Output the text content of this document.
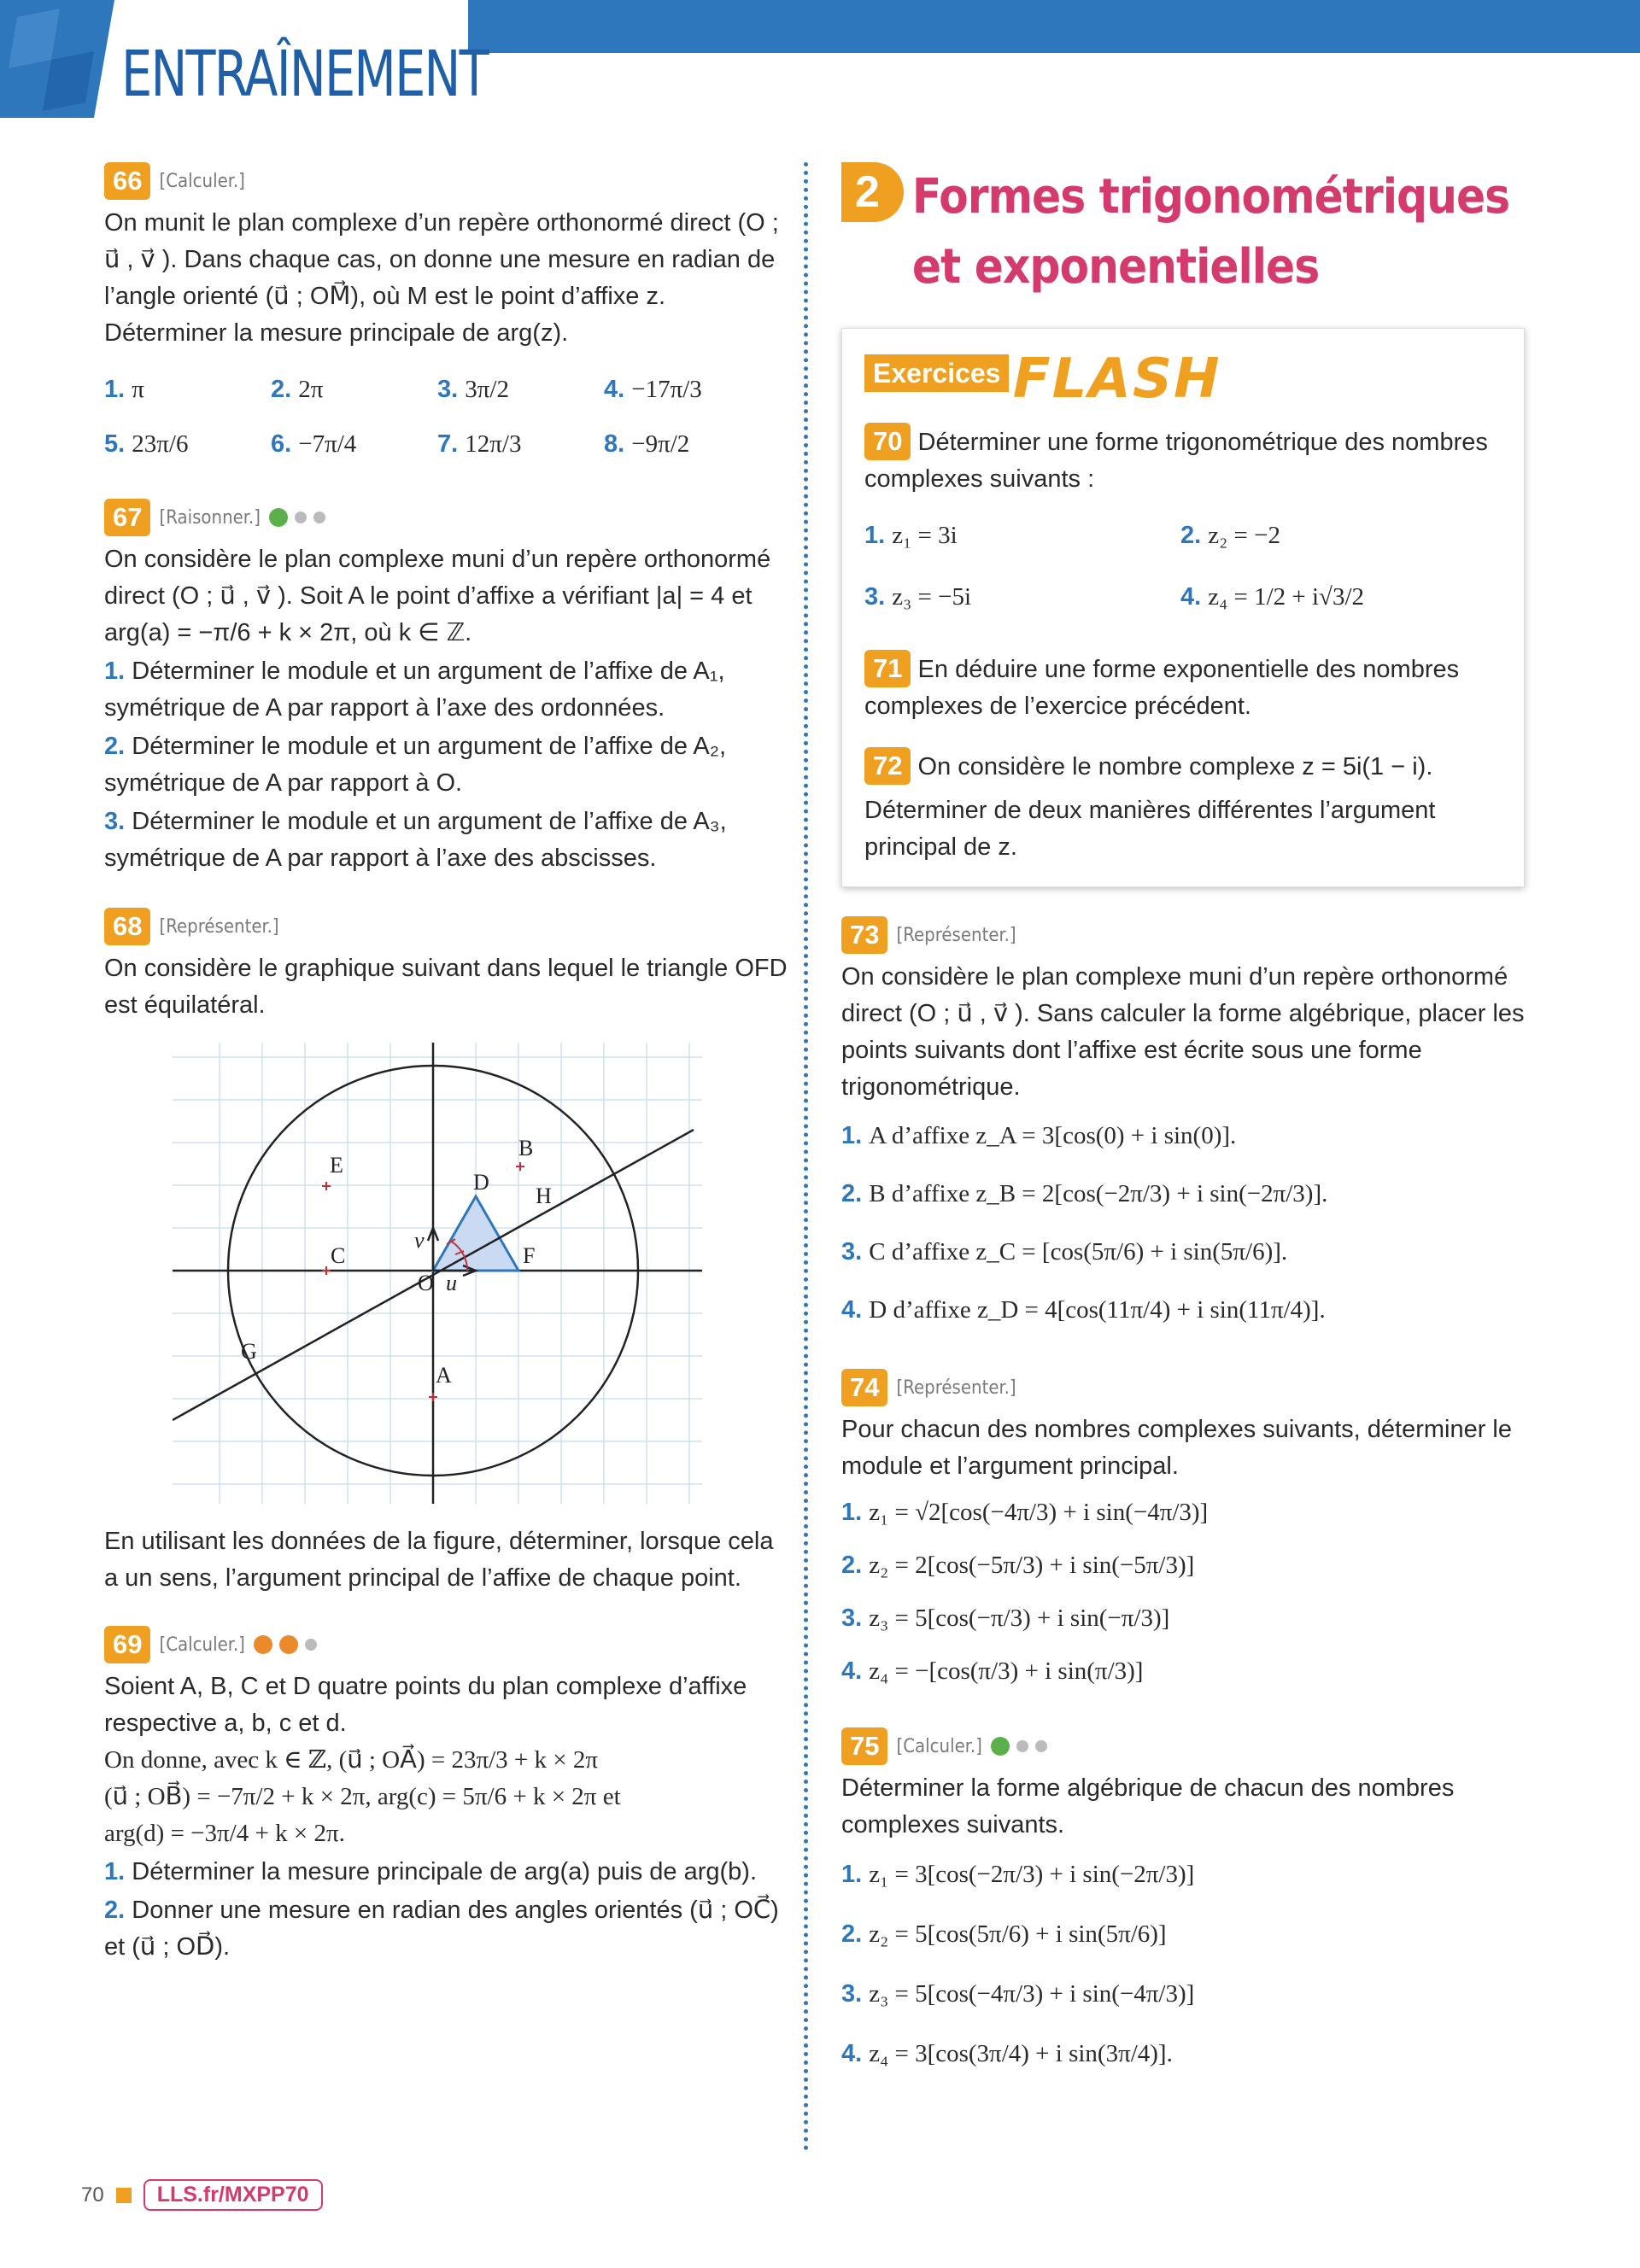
ENTRAÎNEMENT
66 [Calculer.]

On munit le plan complexe d’un repère orthonormé direct (O ; u⃗ , v⃗ ). Dans chaque cas, on donne une mesure en radian de l’angle orienté (u⃗ ; OM⃗), où M est le point d’affixe z. Déterminer la mesure principale de arg(z).

1. π	2. 2π	3. 3π/2	4. −17π/3
5. 23π/6	6. −7π/4	7. 12π/3	8. −9π/2
67 [Raisonner.]

On considère le plan complexe muni d’un repère orthonormé direct (O ; u⃗ , v⃗ ). Soit A le point d’affixe a vérifiant |a| = 4 et arg(a) = −π/6 + k × 2π, où k ∈ ℤ.

1. Déterminer le module et un argument de l’affixe de A₁, symétrique de A par rapport à l’axe des ordonnées.
2. Déterminer le module et un argument de l’affixe de A₂, symétrique de A par rapport à O.
3. Déterminer le module et un argument de l’affixe de A₃, symétrique de A par rapport à l’axe des abscisses.
68 [Représenter.]

On considère le graphique suivant dans lequel le triangle OFD est équilatéral.

B
D
H
E
C	F
O
G
A
u⃗
v⃗

En utilisant les données de la figure, déterminer, lorsque cela a un sens, l’argument principal de l’affixe de chaque point.

69 [Calculer.]

Soient A, B, C et D quatre points du plan complexe d’affixe respective a, b, c et d.

On donne, avec k ∈ ℤ, (u⃗ ; OA⃗) = 23π/3 + k × 2π

(u⃗ ; OB⃗) = −7π/2 + k × 2π, arg(c) = 5π/6 + k × 2π et

arg(d) = −3π/4 + k × 2π.

1. Déterminer la mesure principale de arg(a) puis de arg(b).
2. Donner une mesure en radian des angles orientés (u⃗ ; OC⃗) et (u⃗ ; OD⃗).
2 Formes trigonométriques et exponentielles
Exercices FLASH

70 Déterminer une forme trigonométrique des nombres complexes suivants :

1. z₁ = 3i	2. z₂ = −2
3. z₃ = −5i	4. z₄ = 1/2 + i√3/2

71 En déduire une forme exponentielle des nombres complexes de l’exercice précédent.

72 On considère le nombre complexe z = 5i(1 − i).

Déterminer de deux manières différentes l’argument principal de z.

73 [Représenter.]

On considère le plan complexe muni d’un repère orthonormé direct (O ; u⃗ , v⃗ ). Sans calculer la forme algébrique, placer les points suivants dont l’affixe est écrite sous une forme trigonométrique.

1. A d’affixe z_A = 3[cos(0) + i sin(0)].
2. B d’affixe z_B = 2[cos(−2π/3) + i sin(−2π/3)].
3. C d’affixe z_C = [cos(5π/6) + i sin(5π/6)].
4. D d’affixe z_D = 4[cos(11π/4) + i sin(11π/4)].
74 [Représenter.]

Pour chacun des nombres complexes suivants, déterminer le module et l’argument principal.

1. z₁ = √2[cos(−4π/3) + i sin(−4π/3)]
2. z₂ = 2[cos(−5π/3) + i sin(−5π/3)]
3. z₃ = 5[cos(−π/3) + i sin(−π/3)]
4. z₄ = −[cos(π/3) + i sin(π/3)]
75 [Calculer.]

Déterminer la forme algébrique de chacun des nombres complexes suivants.

1. z₁ = 3[cos(−2π/3) + i sin(−2π/3)]
2. z₂ = 5[cos(5π/6) + i sin(5π/6)]
3. z₃ = 5[cos(−4π/3) + i sin(−4π/3)]
4. z₄ = 3[cos(3π/4) + i sin(3π/4)].
70	LLS.fr/MXPP70
